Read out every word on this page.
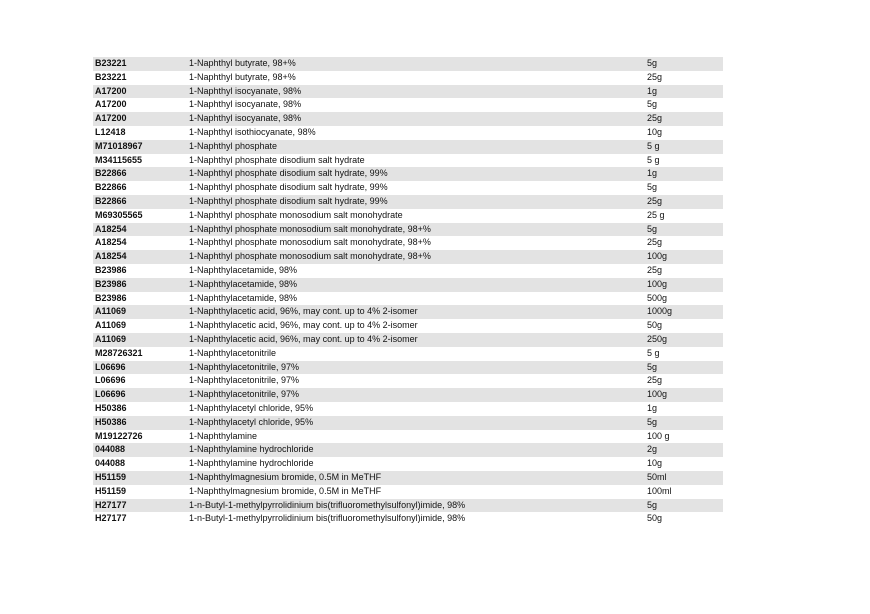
B23221	1-Naphthyl butyrate, 98+%	5g
B23221	1-Naphthyl butyrate, 98+%	25g
A17200	1-Naphthyl isocyanate, 98%	1g
A17200	1-Naphthyl isocyanate, 98%	5g
A17200	1-Naphthyl isocyanate, 98%	25g
L12418	1-Naphthyl isothiocyanate, 98%	10g
M71018967	1-Naphthyl phosphate	5 g
M34115655	1-Naphthyl phosphate disodium salt hydrate	5 g
B22866	1-Naphthyl phosphate disodium salt hydrate, 99%	1g
B22866	1-Naphthyl phosphate disodium salt hydrate, 99%	5g
B22866	1-Naphthyl phosphate disodium salt hydrate, 99%	25g
M69305565	1-Naphthyl phosphate monosodium salt monohydrate	25 g
A18254	1-Naphthyl phosphate monosodium salt monohydrate, 98+%	5g
A18254	1-Naphthyl phosphate monosodium salt monohydrate, 98+%	25g
A18254	1-Naphthyl phosphate monosodium salt monohydrate, 98+%	100g
B23986	1-Naphthylacetamide, 98%	25g
B23986	1-Naphthylacetamide, 98%	100g
B23986	1-Naphthylacetamide, 98%	500g
A11069	1-Naphthylacetic acid, 96%, may cont. up to 4% 2-isomer	1000g
A11069	1-Naphthylacetic acid, 96%, may cont. up to 4% 2-isomer	50g
A11069	1-Naphthylacetic acid, 96%, may cont. up to 4% 2-isomer	250g
M28726321	1-Naphthylacetonitrile	5 g
L06696	1-Naphthylacetonitrile, 97%	5g
L06696	1-Naphthylacetonitrile, 97%	25g
L06696	1-Naphthylacetonitrile, 97%	100g
H50386	1-Naphthylacetyl chloride, 95%	1g
H50386	1-Naphthylacetyl chloride, 95%	5g
M19122726	1-Naphthylamine	100 g
044088	1-Naphthylamine hydrochloride	2g
044088	1-Naphthylamine hydrochloride	10g
H51159	1-Naphthylmagnesium bromide, 0.5M in MeTHF	50ml
H51159	1-Naphthylmagnesium bromide, 0.5M in MeTHF	100ml
H27177	1-n-Butyl-1-methylpyrrolidinium bis(trifluoromethylsulfonyl)imide, 98%	5g
H27177	1-n-Butyl-1-methylpyrrolidinium bis(trifluoromethylsulfonyl)imide, 98%	50g
